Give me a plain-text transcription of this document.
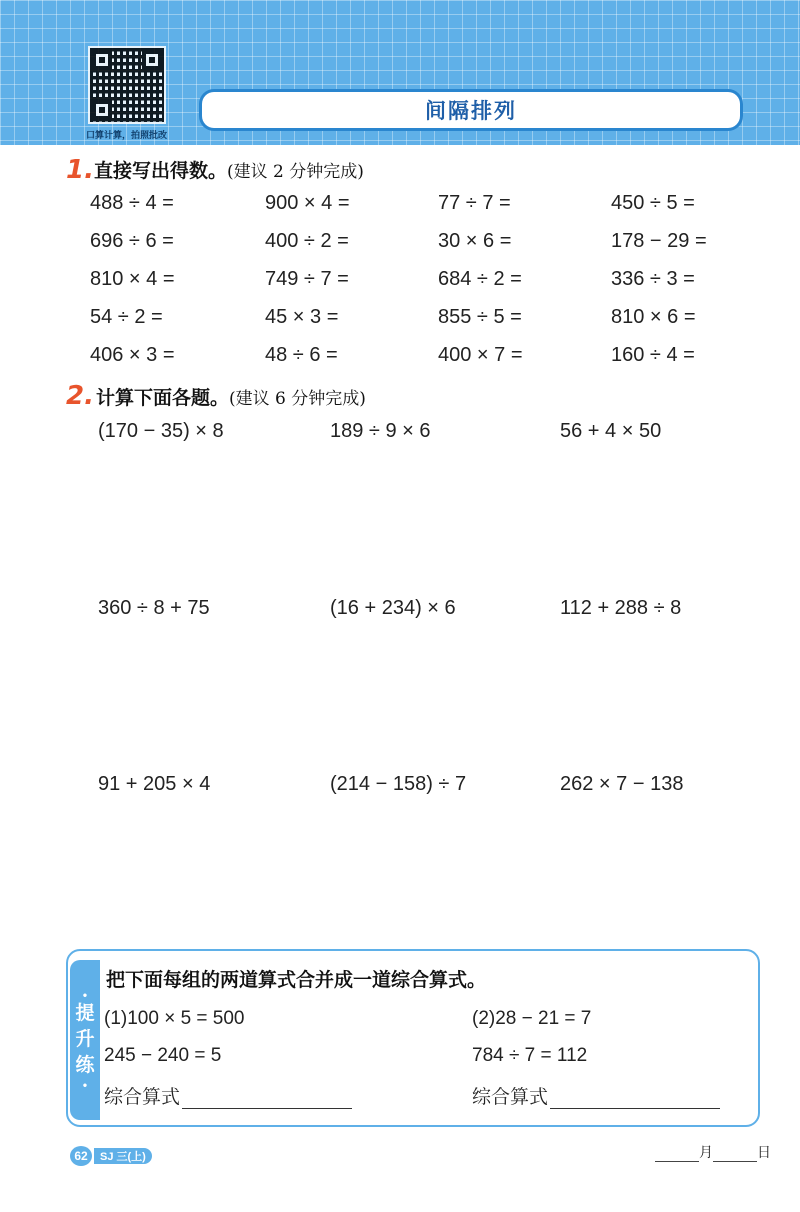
口算计算，拍照批改
间隔排列
1. 直接写出得数。(建议 2 分钟完成)
488 ÷ 4 =	900 × 4 =	77 ÷ 7 =	450 ÷ 5 =
696 ÷ 6 =	400 ÷ 2 =	30 × 6 =	178 − 29 =
810 × 4 =	749 ÷ 7 =	684 ÷ 2 =	336 ÷ 3 =
54 ÷ 2 =	45 × 3 =	855 ÷ 5 =	810 × 6 =
406 × 3 =	48 ÷ 6 =	400 × 7 =	160 ÷ 4 =
2. 计算下面各题。(建议 6 分钟完成)
(170 − 35) × 8	189 ÷ 9 × 6	56 + 4 × 50
360 ÷ 8 + 75	(16 + 234) × 6	112 + 288 ÷ 8
91 + 205 × 4	(214 − 158) ÷ 7	262 × 7 − 138
•
提
升
练
•
把下面每组的两道算式合并成一道综合算式。
(1)100 × 5 = 500
245 − 240 = 5
综合算式
(2)28 − 21 = 7
784 ÷ 7 = 112
综合算式
62	SJ 三(上)	月	日
